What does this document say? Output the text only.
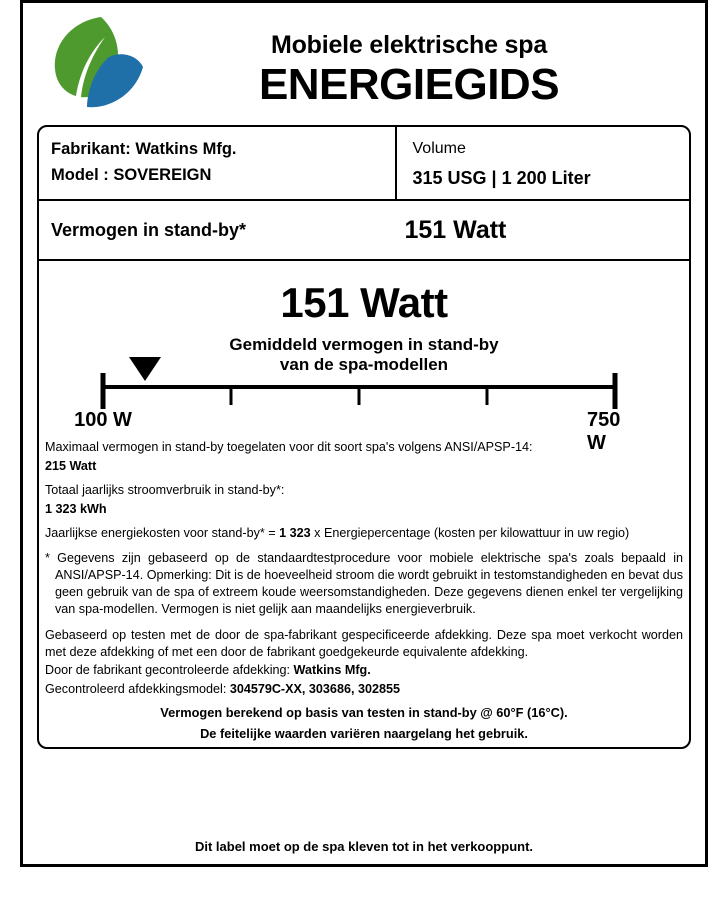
Mobiele elektrische spa
ENERGIEGIDS
Fabrikant: Watkins Mfg.
Model : SOVEREIGN
Volume
315 USG | 1 200 Liter
Vermogen in stand-by*	151 Watt
151 Watt
Gemiddeld vermogen in stand-by
van de spa-modellen
100 W	750 W

Maximaal vermogen in stand-by toegelaten voor dit soort spa's volgens ANSI/APSP-14:

215 Watt

Totaal jaarlijks stroomverbruik in stand-by*:

1 323 kWh

Jaarlijkse energiekosten voor stand-by* = 1 323 x Energiepercentage (kosten per kilowattuur in uw regio)

* Gegevens zijn gebaseerd op de standaardtestprocedure voor mobiele elektrische spa's zoals bepaald in ANSI/APSP-14. Opmerking: Dit is de hoeveelheid stroom die wordt gebruikt in testomstandigheden en bevat dus geen gebruik van de spa of extreem koude weersomstandigheden. Deze gegevens dienen enkel ter vergelijking van spa-modellen. Vermogen is niet gelijk aan maandelijks energieverbruik.

Gebaseerd op testen met de door de spa-fabrikant gespecificeerde afdekking. Deze spa moet verkocht worden met deze afdekking of met een door de fabrikant goedgekeurde equivalente afdekking.

Door de fabrikant gecontroleerde afdekking: Watkins Mfg.

Gecontroleerd afdekkingsmodel: 304579C-XX, 303686, 302855

Vermogen berekend op basis van testen in stand-by @ 60°F (16°C).

De feitelijke waarden variëren naargelang het gebruik.

Dit label moet op de spa kleven tot in het verkooppunt.
